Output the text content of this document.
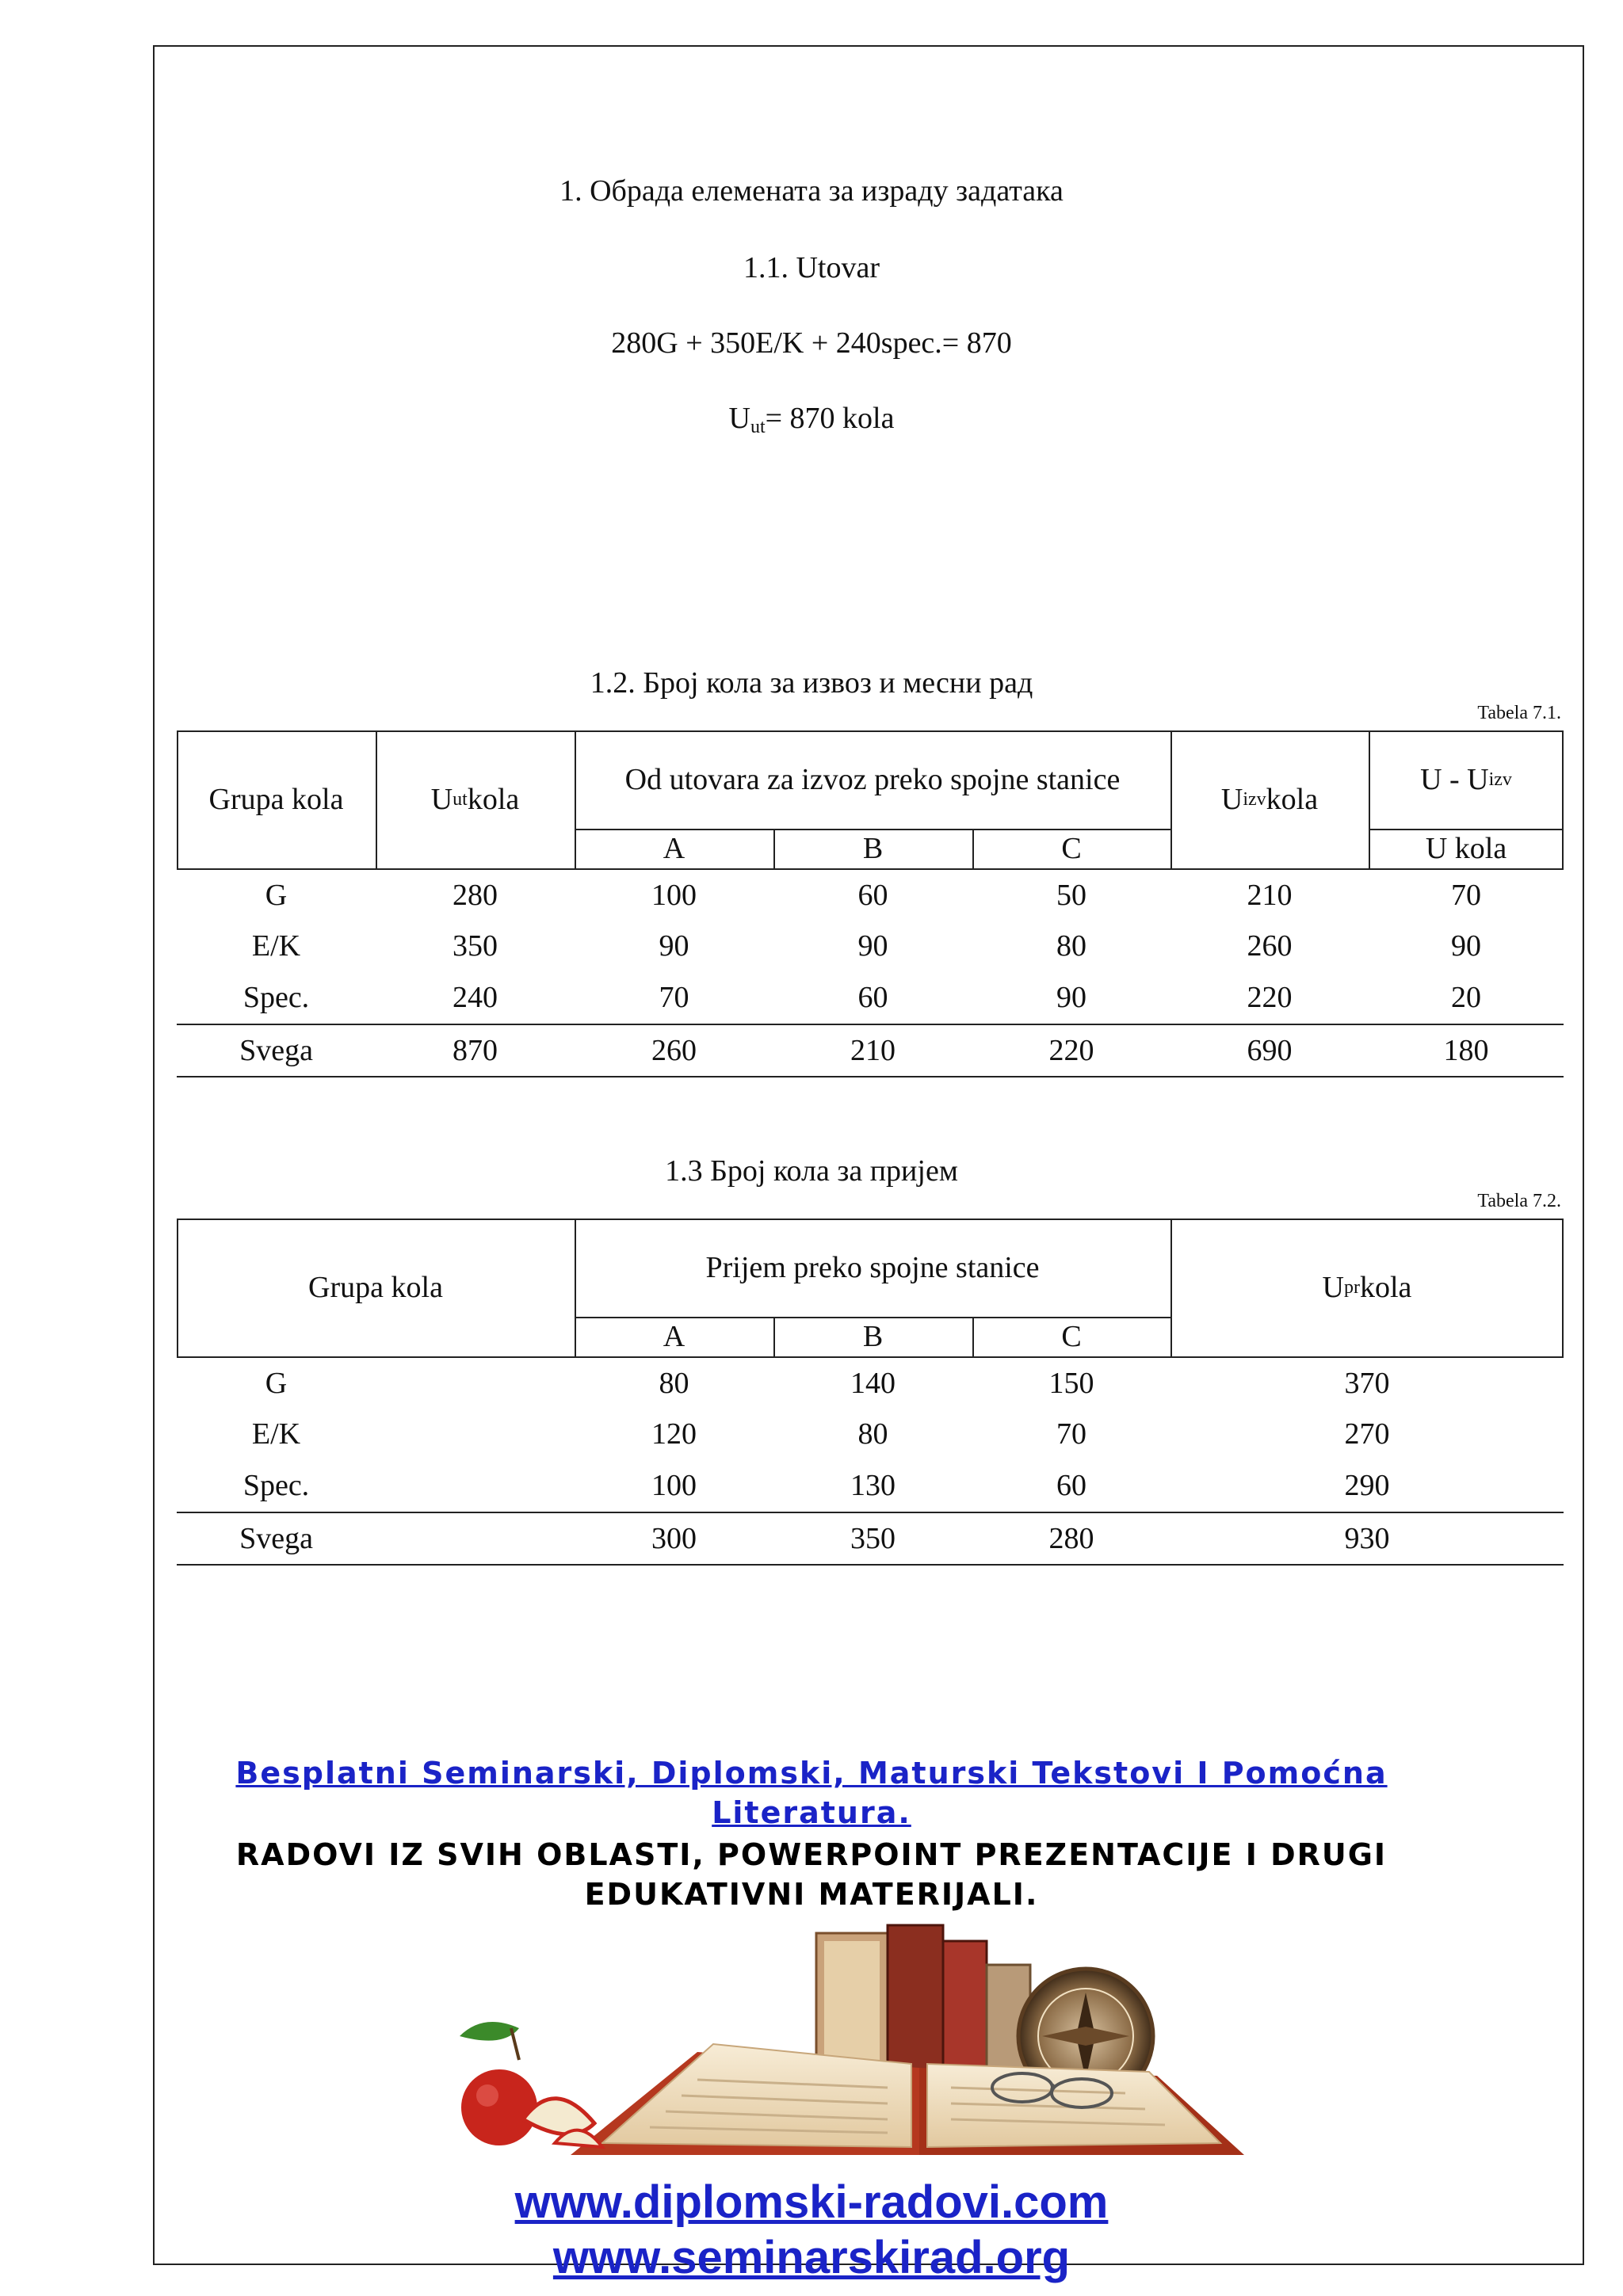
1. Обрада елемената за израду задатака
1.1. Utovar
280G + 350E/K + 240spec.= 870
$U_{ut}= 870$ kola
1.2. Број кола за извоз и месни рад
Tabela 7.1.
Grupa kola	U ut kola
Od utovara za izvoz preko spojne stanice
A	B	C
U izv kola
U - U izv
U kola
G	280	100	60	50	210	70
E/K	350	90	90	80	260	90
Spec.	240	70	60	90	220	20
Svega	870	260	210	220	690	180
1.3 Број кола за пријем
Tabela 7.2.
Grupa kola
Prijem preko spojne stanice
A	B	C
U pr kola
G	80	140	150	370
E/K	120	80	70	270
Spec.	100	130	60	290
Svega	300	350	280	930
Besplatni Seminarski, Diplomski, Maturski Tekstovi I Pomoćna
Literatura.
RADOVI IZ SVIH OBLASTI, POWERPOINT PREZENTACIJE I DRUGI
EDUKATIVNI MATERIJALI.
www.diplomski-radovi.com
www.seminarskirad.org
